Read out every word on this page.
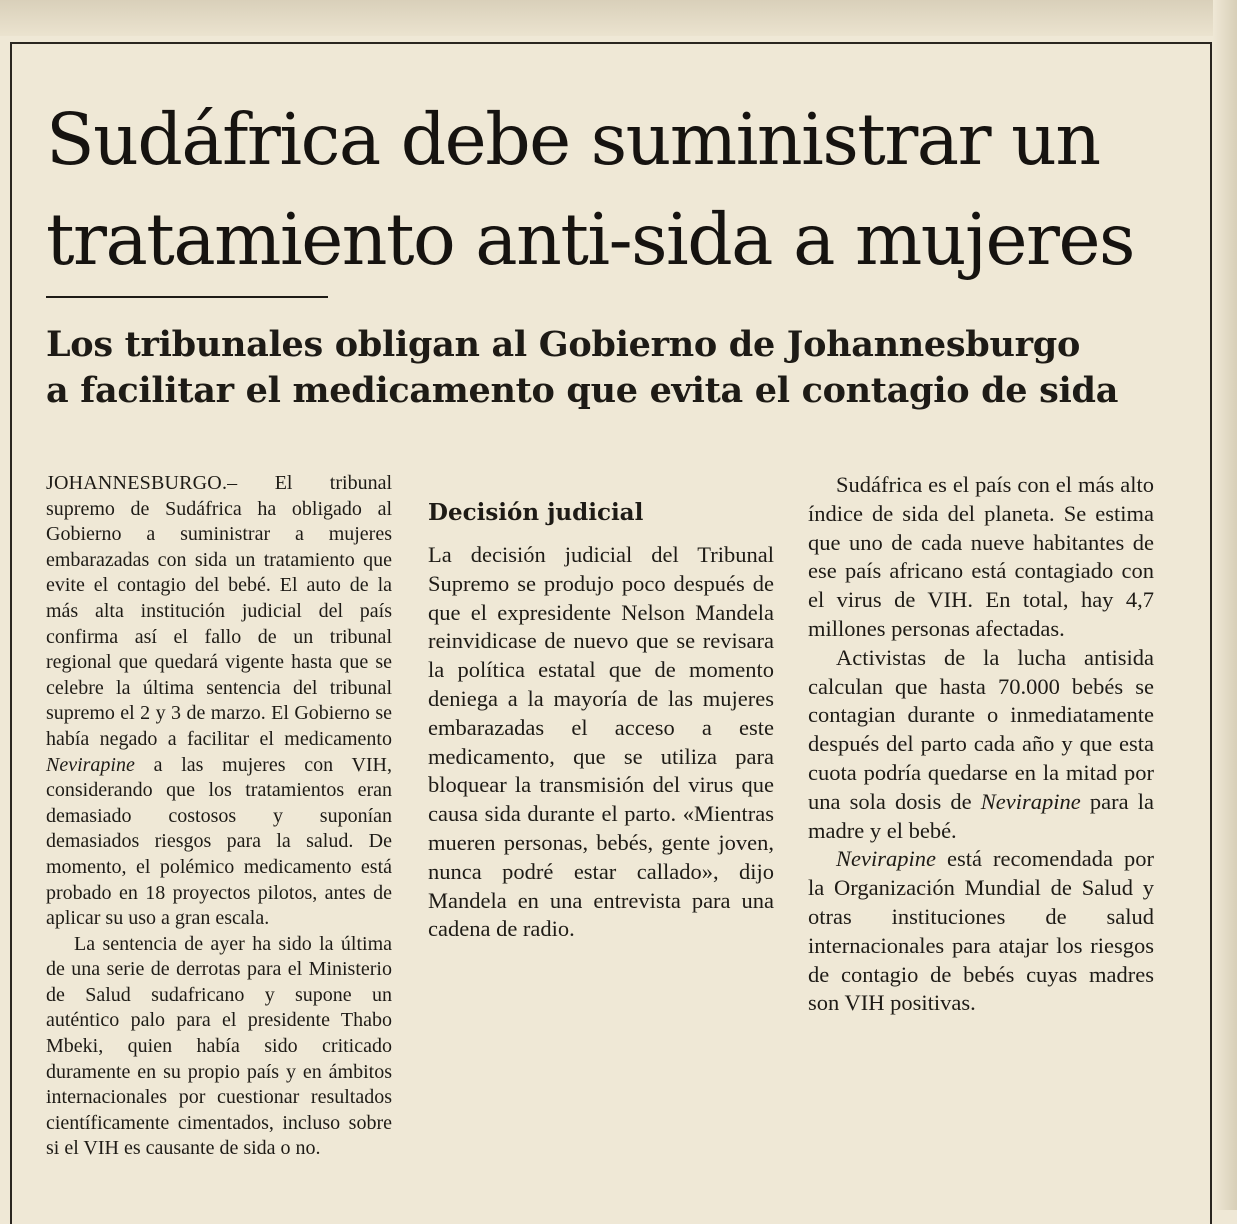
Sudáfrica debe suministrar un
tratamiento anti-sida a mujeres
Los tribunales obligan al Gobierno de Johannesburgo
a facilitar el medicamento que evita el contagio de sida

JOHANNESBURGO.– El tribunal supremo de Sudáfrica ha obligado al Gobierno a suministrar a mujeres embarazadas con sida un tratamiento que evite el contagio del bebé. El auto de la más alta institución judicial del país confirma así el fallo de un tribunal regional que quedará vigente hasta que se celebre la última sentencia del tribunal supremo el 2 y 3 de marzo. El Gobierno se había negado a facilitar el medicamento Nevirapine a las mujeres con VIH, considerando que los tratamientos eran demasiado costosos y suponían demasiados riesgos para la salud. De momento, el polémico medicamento está probado en 18 proyectos pilotos, antes de aplicar su uso a gran escala.

La sentencia de ayer ha sido la última de una serie de derrotas para el Ministerio de Salud sudafricano y supone un auténtico palo para el presidente Thabo Mbeki, quien había sido criticado duramente en su propio país y en ámbitos internacionales por cuestionar resultados científicamente cimentados, incluso sobre si el VIH es causante de sida o no.

Decisión judicial

La decisión judicial del Tribunal Supremo se produjo poco después de que el expresidente Nelson Mandela reinvidicase de nuevo que se revisara la política estatal que de momento deniega a la mayoría de las mujeres embarazadas el acceso a este medicamento, que se utiliza para bloquear la transmisión del virus que causa sida durante el parto. «Mientras mueren personas, bebés, gente joven, nunca podré estar callado», dijo Mandela en una entrevista para una cadena de radio.

Sudáfrica es el país con el más alto índice de sida del planeta. Se estima que uno de cada nueve habitantes de ese país africano está contagiado con el virus de VIH. En total, hay 4,7 millones personas afectadas.

Activistas de la lucha antisida calculan que hasta 70.000 bebés se contagian durante o inmediatamente después del parto cada año y que esta cuota podría quedarse en la mitad por una sola dosis de Nevirapine para la madre y el bebé.

Nevirapine está recomendada por la Organización Mundial de Salud y otras instituciones de salud internacionales para atajar los riesgos de contagio de bebés cuyas madres son VIH positivas.
